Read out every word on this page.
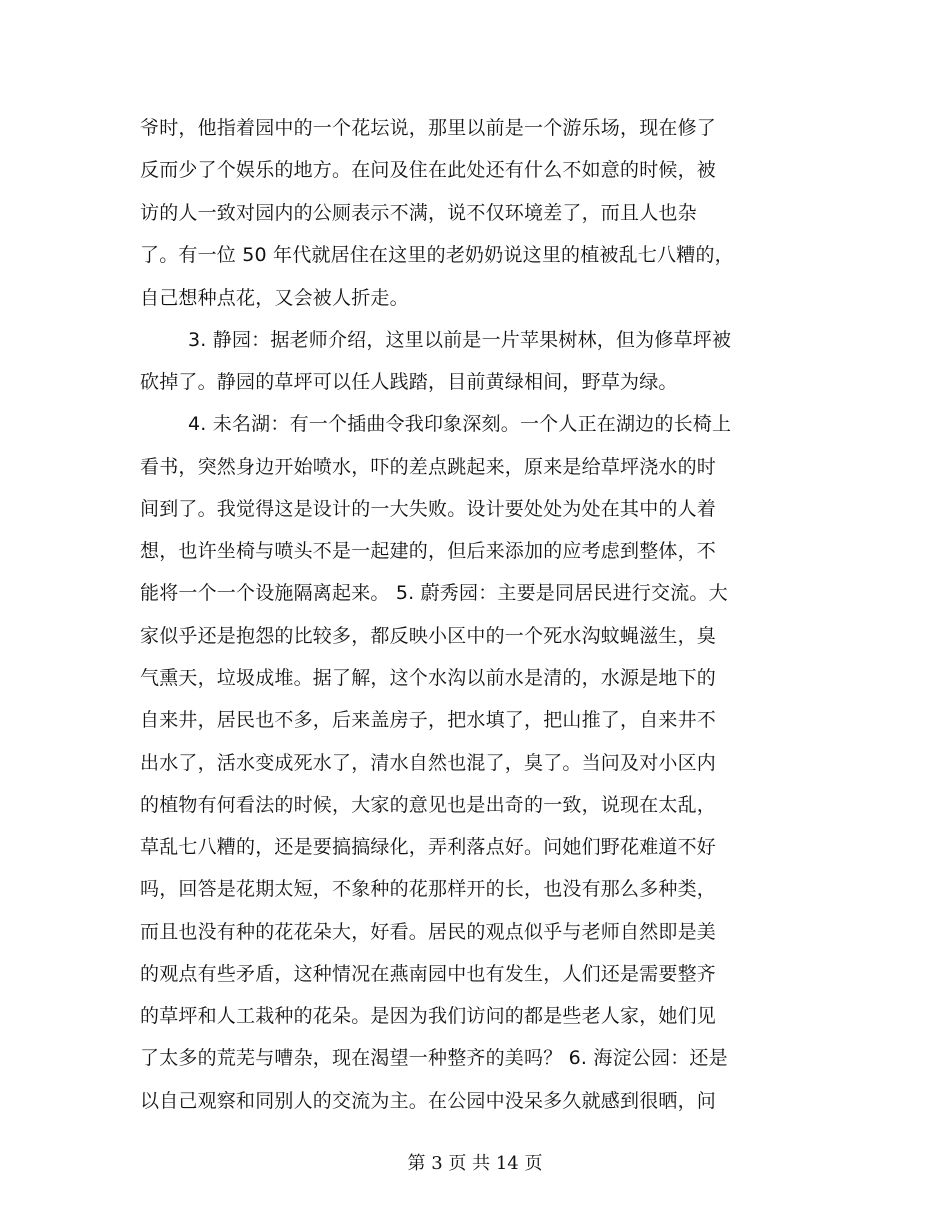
爷时，他指着园中的一个花坛说，那里以前是一个游乐场，现在修了
反而少了个娱乐的地方。在问及住在此处还有什么不如意的时候，被
访的人一致对园内的公厕表示不满，说不仅环境差了，而且人也杂
了。有一位 50 年代就居住在这里的老奶奶说这里的植被乱七八糟的，
自己想种点花，又会被人折走。
3. 静园：据老师介绍，这里以前是一片苹果树林，但为修草坪被
砍掉了。静园的草坪可以任人践踏，目前黄绿相间，野草为绿。
4. 未名湖：有一个插曲令我印象深刻。一个人正在湖边的长椅上
看书，突然身边开始喷水，吓的差点跳起来，原来是给草坪浇水的时
间到了。我觉得这是设计的一大失败。设计要处处为处在其中的人着
想，也许坐椅与喷头不是一起建的，但后来添加的应考虑到整体，不
能将一个一个设施隔离起来。 5. 蔚秀园：主要是同居民进行交流。大
家似乎还是抱怨的比较多，都反映小区中的一个死水沟蚊蝇滋生，臭
气熏天，垃圾成堆。据了解，这个水沟以前水是清的，水源是地下的
自来井，居民也不多，后来盖房子，把水填了，把山推了，自来井不
出水了，活水变成死水了，清水自然也混了，臭了。当问及对小区内
的植物有何看法的时候，大家的意见也是出奇的一致，说现在太乱，
草乱七八糟的，还是要搞搞绿化，弄利落点好。问她们野花难道不好
吗，回答是花期太短，不象种的花那样开的长，也没有那么多种类，
而且也没有种的花花朵大，好看。居民的观点似乎与老师自然即是美
的观点有些矛盾，这种情况在燕南园中也有发生，人们还是需要整齐
的草坪和人工栽种的花朵。是因为我们访问的都是些老人家，她们见
了太多的荒芜与嘈杂，现在渴望一种整齐的美吗？ 6. 海淀公园：还是
以自己观察和同别人的交流为主。在公园中没呆多久就感到很晒，问
第 3 页 共 14 页
